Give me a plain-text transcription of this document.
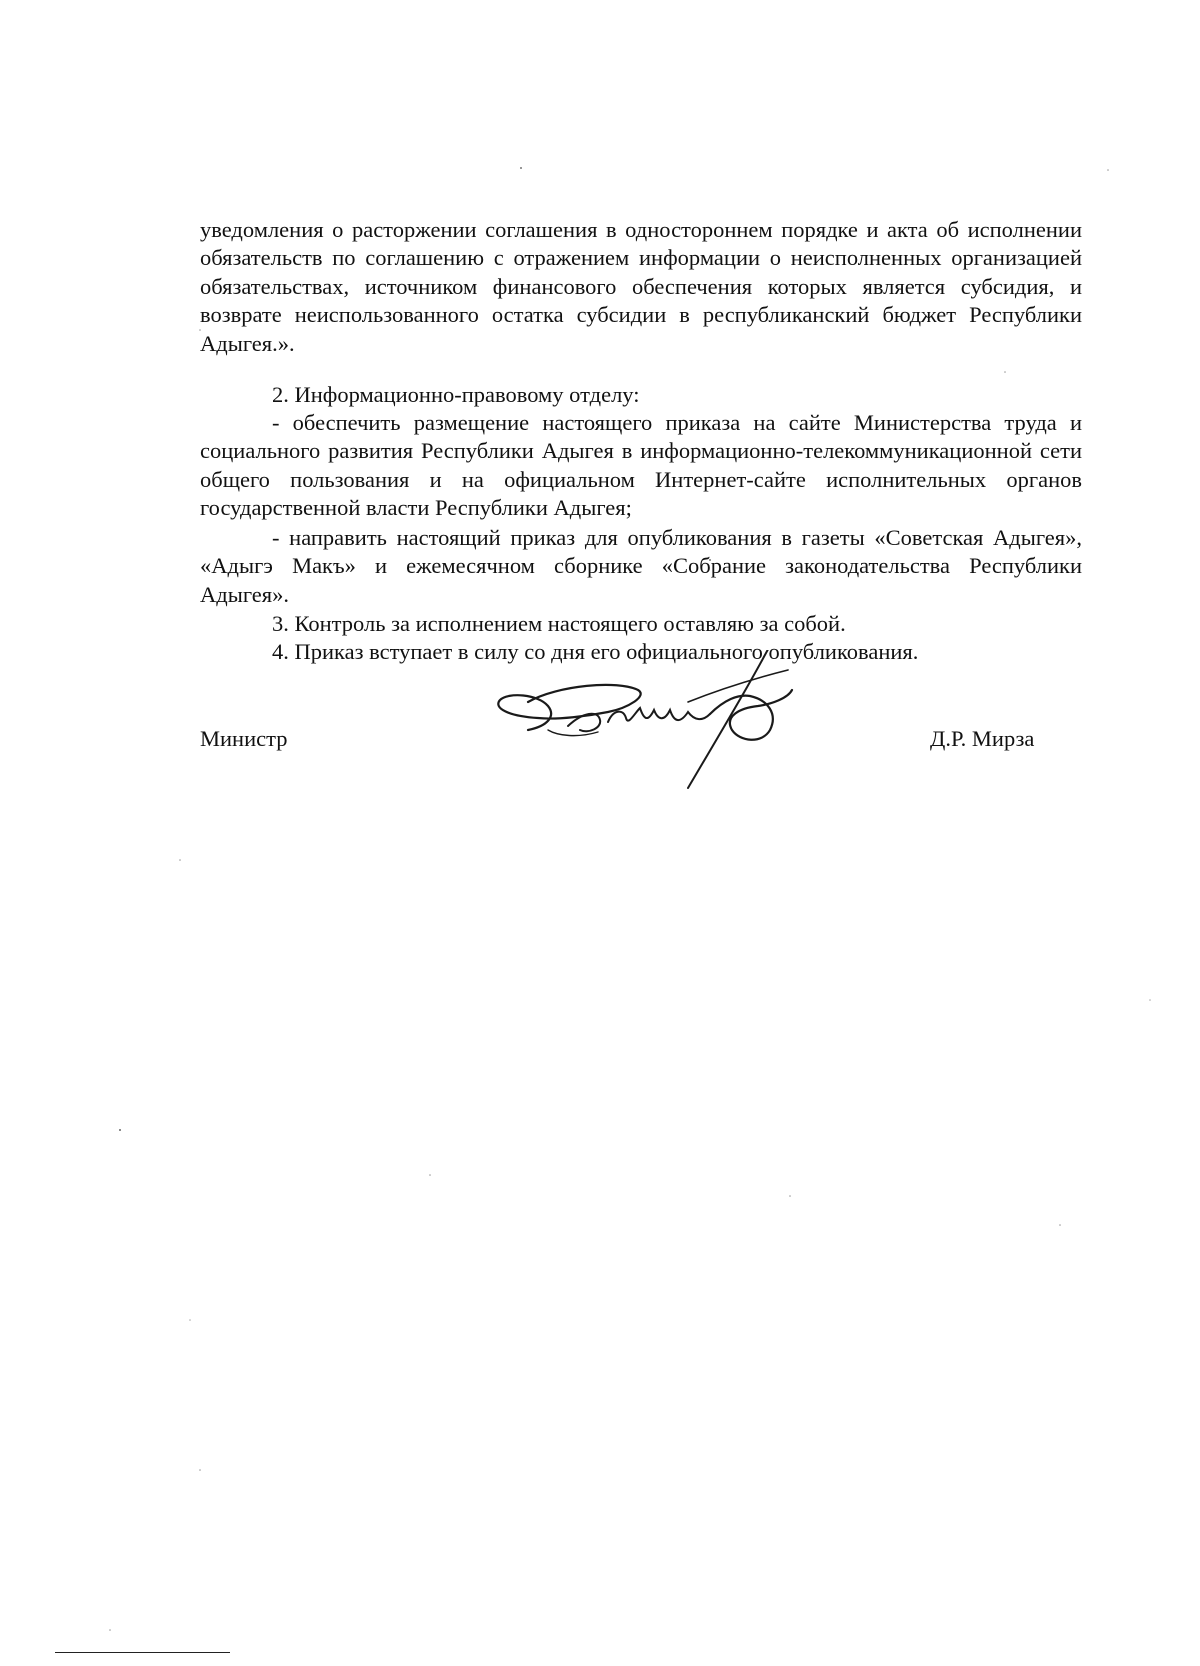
уведомления о расторжении соглашения в одностороннем порядке и акта об исполнении обязательств по соглашению с отражением информации о неисполненных организацией обязательствах, источником финансового обеспечения которых является субсидия, и возврате неиспользованного остатка субсидии в республиканский бюджет Республики Адыгея.».

2. Информационно-правовому отделу:

- обеспечить размещение настоящего приказа на сайте Министерства труда и социального развития Республики Адыгея в информационно-телекоммуникационной сети общего пользования и на официальном Интернет-сайте исполнительных органов государственной власти Республики Адыгея;

- направить настоящий приказ для опубликования в газеты «Советская Адыгея», «Адыгэ Макъ» и ежемесячном сборнике «Собрание законодательства Республики Адыгея».

3. Контроль за исполнением настоящего оставляю за собой.

4. Приказ вступает в силу со дня его официального опубликования.

Министр	Д.Р. Мирза
